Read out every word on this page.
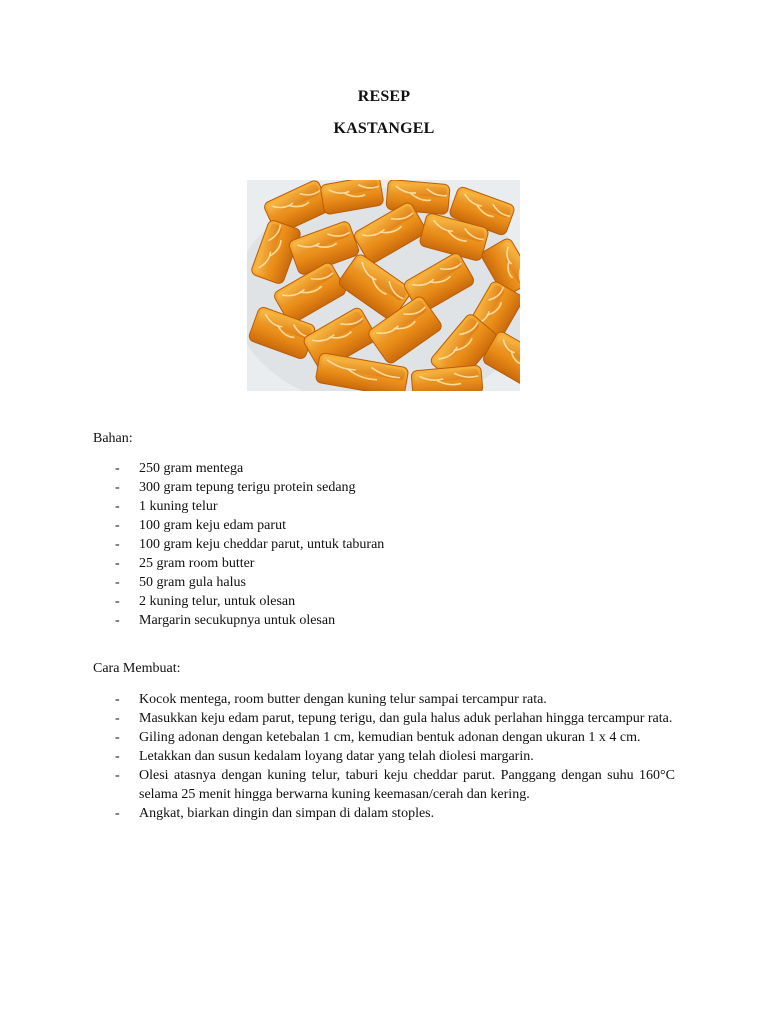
RESEP
KASTANGEL
Bahan:
- 250 gram mentega
- 300 gram tepung terigu protein sedang
- 1 kuning telur
- 100 gram keju edam parut
- 100 gram keju cheddar parut, untuk taburan
- 25 gram room butter
- 50 gram gula halus
- 2 kuning telur, untuk olesan
- Margarin secukupnya untuk olesan
Cara Membuat:
- Kocok mentega, room butter dengan kuning telur sampai tercampur rata.
- Masukkan keju edam parut, tepung terigu, dan gula halus aduk perlahan hingga tercampur rata.
- Giling adonan dengan ketebalan 1 cm, kemudian bentuk adonan dengan ukuran 1 x 4 cm.
- Letakkan dan susun kedalam loyang datar yang telah diolesi margarin.
- Olesi atasnya dengan kuning telur, taburi keju cheddar parut. Panggang dengan suhu 160°C selama 25 menit hingga berwarna kuning keemasan/cerah dan kering.
- Angkat, biarkan dingin dan simpan di dalam stoples.
